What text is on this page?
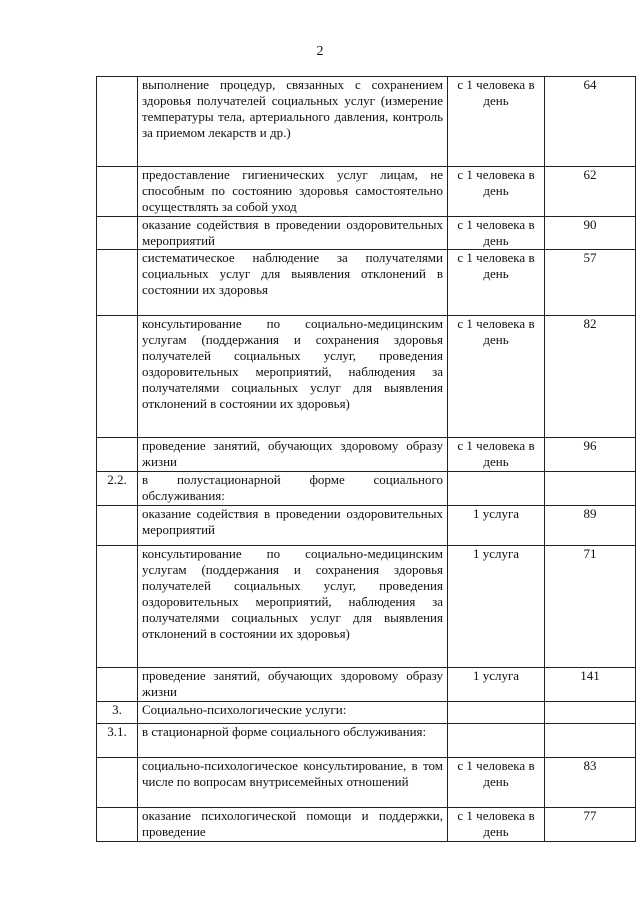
2
	выполнение процедур, связанных с сохранением здоровья получателей социальных услуг (измерение температуры тела, артериального давления, контроль за приемом лекарств и др.)	с 1 человека в день	64
	предоставление гигиенических услуг лицам, не способным по состоянию здоровья самостоятельно осуществлять за собой уход	с 1 человека в день	62
	оказание содействия в проведении оздоровительных мероприятий	с 1 человека в день	90
	систематическое наблюдение за получателями социальных услуг для выявления отклонений в состоянии их здоровья	с 1 человека в день	57
	консультирование по социально-медицинским услугам (поддержания и сохранения здоровья получателей социальных услуг, проведения оздоровительных мероприятий, наблюдения за получателями социальных услуг для выявления отклонений в состоянии их здоровья)	с 1 человека в день	82
	проведение занятий, обучающих здоровому образу жизни	с 1 человека в день	96
2.2.	в полустационарной форме социального обслуживания:		
	оказание содействия в проведении оздоровительных мероприятий	1 услуга	89
	консультирование по социально-медицинским услугам (поддержания и сохранения здоровья получателей социальных услуг, проведения оздоровительных мероприятий, наблюдения за получателями социальных услуг для выявления отклонений в состоянии их здоровья)	1 услуга	71
	проведение занятий, обучающих здоровому образу жизни	1 услуга	141
3.	Социально-психологические услуги:		
3.1.	в стационарной форме социального обслуживания:		
	социально-психологическое консультирование, в том числе по вопросам внутрисемейных отношений	с 1 человека в день	83
	оказание психологической помощи и поддержки, проведение	с 1 человека в день	77
